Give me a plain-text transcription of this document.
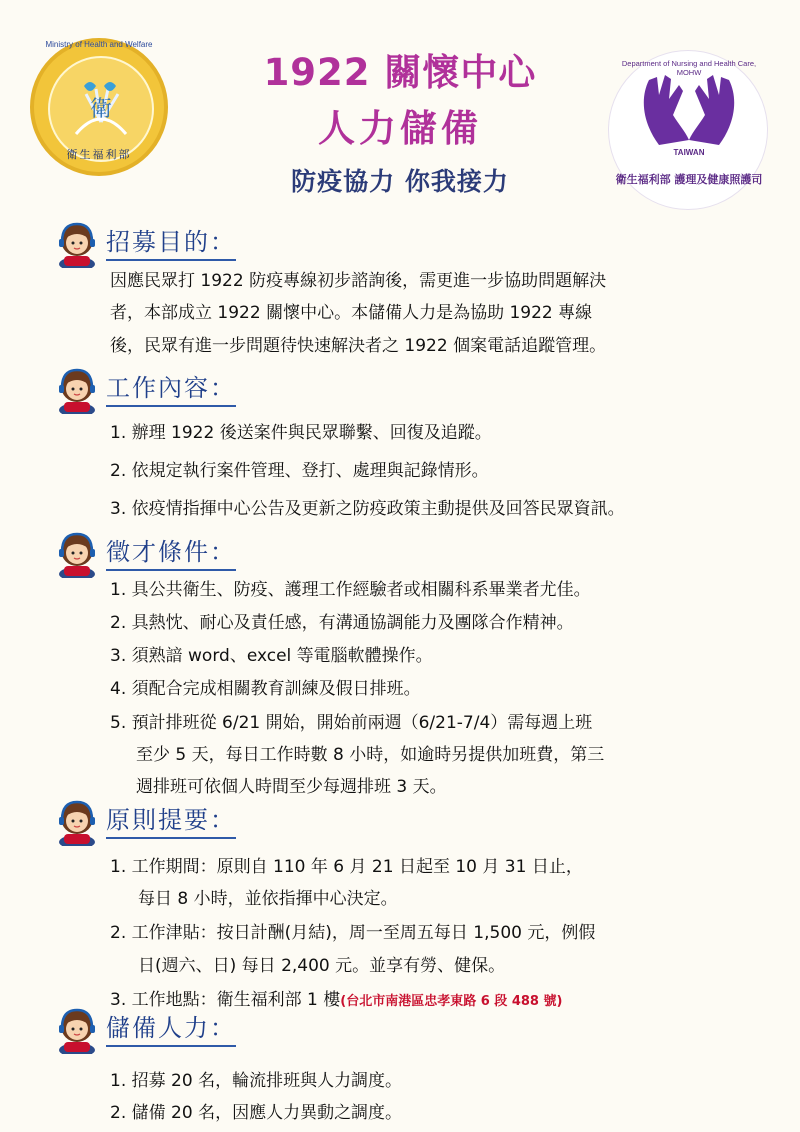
衛
Ministry of Health and Welfare
衛生福利部
1922 關懷中心
人力儲備
防疫協力 你我接力
衛
Department of Nursing and Health Care, MOHW
TAIWAN
衛生福利部 護理及健康照護司
招募目的：
因應民眾打 1922 防疫專線初步諮詢後，需更進一步協助問題解決
者，本部成立 1922 關懷中心。本儲備人力是為協助 1922 專線
後，民眾有進一步問題待快速解決者之 1922 個案電話追蹤管理。
工作內容：
1. 辦理 1922 後送案件與民眾聯繫、回復及追蹤。
2. 依規定執行案件管理、登打、處理與記錄情形。
3. 依疫情指揮中心公告及更新之防疫政策主動提供及回答民眾資訊。
徵才條件：
1. 具公共衛生、防疫、護理工作經驗者或相關科系畢業者尤佳。
2. 具熱忱、耐心及責任感，有溝通協調能力及團隊合作精神。
3. 須熟諳 word、excel 等電腦軟體操作。
4. 須配合完成相關教育訓練及假日排班。
5. 預計排班從 6/21 開始，開始前兩週（6/21-7/4）需每週上班
至少 5 天，每日工作時數 8 小時，如逾時另提供加班費，第三
週排班可依個人時間至少每週排班 3 天。
原則提要：
1. 工作期間：原則自 110 年 6 月 21 日起至 10 月 31 日止，
每日 8 小時，並依指揮中心決定。
2. 工作津貼：按日計酬(月結)，周一至周五每日 1,500 元，例假
日(週六、日) 每日 2,400 元。並享有勞、健保。
3. 工作地點：衛生福利部 1 樓(台北市南港區忠孝東路 6 段 488 號)
儲備人力：
1. 招募 20 名，輪流排班與人力調度。
2. 儲備 20 名，因應人力異動之調度。
